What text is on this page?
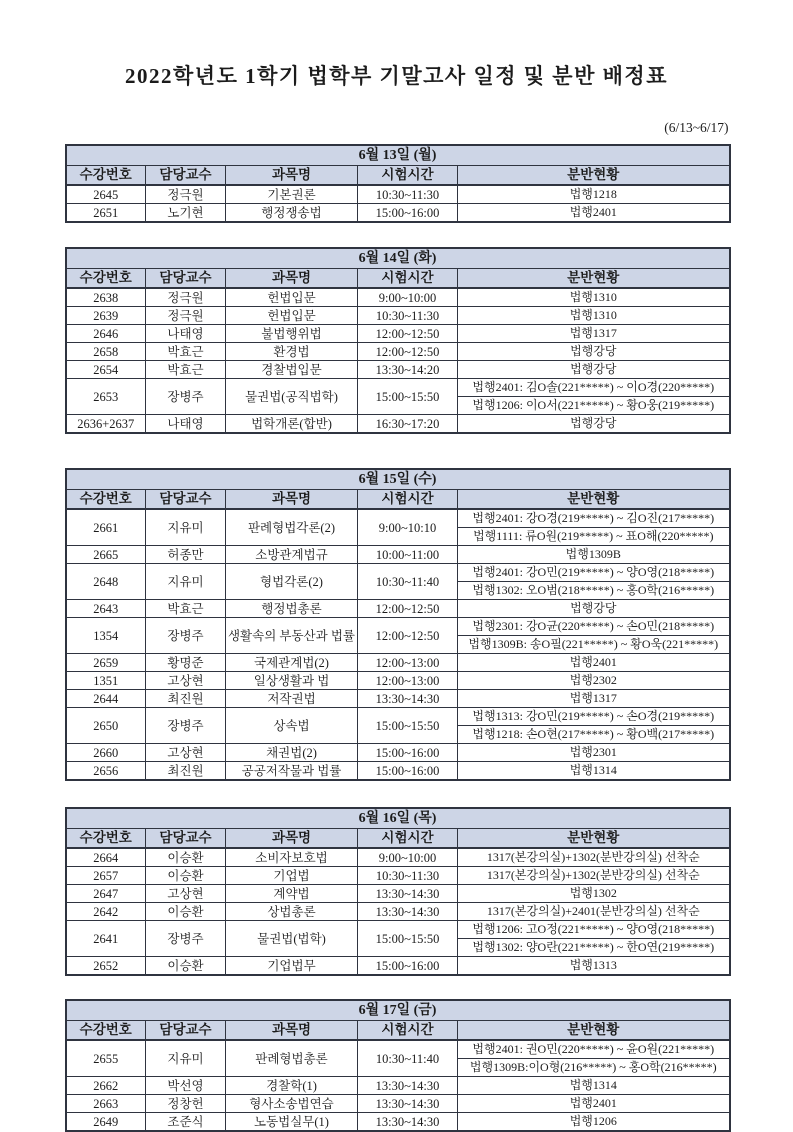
2022학년도 1학기 법학부 기말고사 일정 및 분반 배정표
(6/13~6/17)
6월 13일 (월)				
수강번호	담당교수	과목명	시험시간	분반현황
2645	정극원	기본권론	10:30~11:30	법행1218

2651	노기현	행정쟁송법	15:00~16:00	법행2401
6월 14일 (화)				
수강번호	담당교수	과목명	시험시간	분반현황
2638	정극원	헌법입문	9:00~10:00	법행1310

2639	정극원	헌법입문	10:30~11:30	법행1310

2646	나태영	불법행위법	12:00~12:50	법행1317

2658	박효근	환경법	12:00~12:50	법행강당

2654	박효근	경찰법입문	13:30~14:20	법행강당

2653	장병주	물권법(공직법학)	15:00~15:50	법행2401: 김O솔(221*****) ~ 이O경(220*****)
법행1206: 이O서(221*****) ~ 황O웅(219*****)

2636+2637	나태영	법학개론(합반)	16:30~17:20	법행강당
6월 15일 (수)				
수강번호	담당교수	과목명	시험시간	분반현황
2661	지유미	판례형법각론(2)	9:00~10:10	법행2401: 강O경(219*****) ~ 김O진(217*****)
법행1111: 류O원(219*****) ~ 표O해(220*****)

2665	허종만	소방관계법규	10:00~11:00	법행1309B

2648	지유미	형법각론(2)	10:30~11:40	법행2401: 강O민(219*****) ~ 양O영(218*****)
법행1302: 오O범(218*****) ~ 홍O학(216*****)

2643	박효근	행정법총론	12:00~12:50	법행강당

1354	장병주	생활속의 부동산과 법률	12:00~12:50	법행2301: 강O균(220*****) ~ 손O민(218*****)
법행1309B: 송O필(221*****) ~ 황O욱(221*****)

2659	황명준	국제관계법(2)	12:00~13:00	법행2401

1351	고상현	일상생활과 법	12:00~13:00	법행2302

2644	최진원	저작권법	13:30~14:30	법행1317

2650	장병주	상속법	15:00~15:50	법행1313: 강O민(219*****) ~ 손O경(219*****)
법행1218: 손O현(217*****) ~ 황O백(217*****)

2660	고상현	채권법(2)	15:00~16:00	법행2301

2656	최진원	공공저작물과 법률	15:00~16:00	법행1314
6월 16일 (목)				
수강번호	담당교수	과목명	시험시간	분반현황
2664	이승환	소비자보호법	9:00~10:00	1317(본강의실)+1302(분반강의실) 선착순

2657	이승환	기업법	10:30~11:30	1317(본강의실)+1302(분반강의실) 선착순

2647	고상현	계약법	13:30~14:30	법행1302

2642	이승환	상법총론	13:30~14:30	1317(본강의실)+2401(분반강의실) 선착순

2641	장병주	물권법(법학)	15:00~15:50	법행1206: 고O정(221*****) ~ 양O영(218*****)
법행1302: 양O란(221*****) ~ 한O연(219*****)

2652	이승환	기업법무	15:00~16:00	법행1313
6월 17일 (금)				
수강번호	담당교수	과목명	시험시간	분반현황
2655	지유미	판례형법총론	10:30~11:40	법행2401: 권O민(220*****) ~ 윤O원(221*****)
법행1309B:이O형(216*****) ~ 홍O학(216*****)

2662	박선영	경찰학(1)	13:30~14:30	법행1314

2663	정창헌	형사소송법연습	13:30~14:30	법행2401

2649	조준식	노동법실무(1)	13:30~14:30	법행1206
